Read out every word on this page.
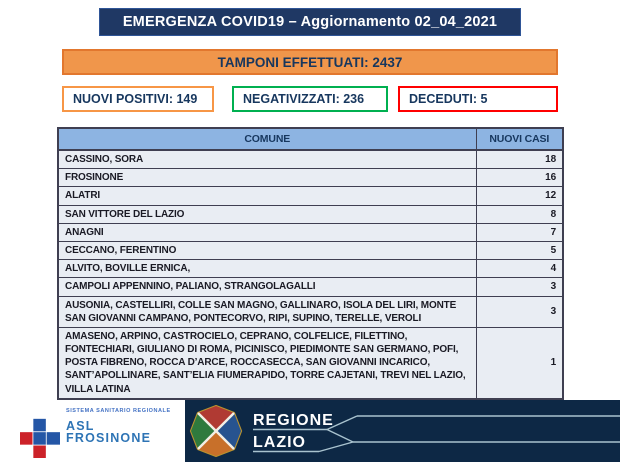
EMERGENZA COVID19 – Aggiornamento 02_04_2021
TAMPONI EFFETTUATI: 2437
NUOVI POSITIVI: 149	NEGATIVIZZATI: 236	DECEDUTI: 5
COMUNE	NUOVI CASI
CASSINO, SORA	18
FROSINONE	16
ALATRI	12
SAN VITTORE DEL LAZIO	8
ANAGNI	7
CECCANO, FERENTINO	5
ALVITO, BOVILLE ERNICA,	4
CAMPOLI APPENNINO, PALIANO, STRANGOLAGALLI	3
AUSONIA, CASTELLIRI, COLLE SAN MAGNO, GALLINARO, ISOLA DEL LIRI, MONTE SAN GIOVANNI CAMPANO, PONTECORVO, RIPI, SUPINO, TERELLE, VEROLI	3
AMASENO, ARPINO, CASTROCIELO, CEPRANO, COLFELICE, FILETTINO, FONTECHIARI, GIULIANO DI ROMA, PICINISCO, PIEDIMONTE SAN GERMANO, POFI, POSTA FIBRENO, ROCCA D’ARCE, ROCCASECCA, SAN GIOVANNI INCARICO, SANT’APOLLINARE, SANT’ELIA FIUMERAPIDO, TORRE CAJETANI, TREVI NEL LAZIO, VILLA LATINA	1
SISTEMA SANITARIO REGIONALE
ASL
FROSINONE
REGIONE
LAZIO
